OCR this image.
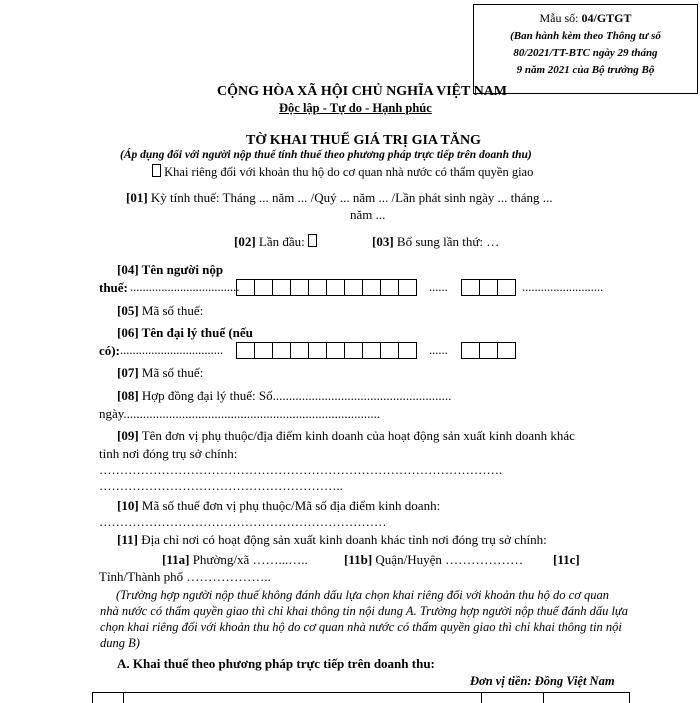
Mẫu số: 04/GTGT
(Ban hành kèm theo Thông tư số
80/2021/TT-BTC ngày 29 tháng
9 năm 2021 của Bộ trưởng Bộ
CỘNG HÒA XÃ HỘI CHỦ NGHĨA VIỆT NAM
Độc lập - Tự do - Hạnh phúc
TỜ KHAI THUẾ GIÁ TRỊ GIA TĂNG
(Áp dụng đối với người nộp thuế tính thuế theo phương pháp trực tiếp trên doanh thu)
Khai riêng đối với khoản thu hộ do cơ quan nhà nước có thẩm quyền giao
[01] Kỳ tính thuế: Tháng ... năm ... /Quý ... năm ... /Lần phát sinh ngày ... tháng ...
năm ...
[02] Lần đầu:	[03] Bổ sung lần thứ: …
[04] Tên người nộp
thuế: ...................................	......	..........................
[05] Mã số thuế:
[06] Tên đại lý thuế (nếu
có): .................................	......
[07] Mã số thuế:
[08] Hợp đồng đại lý thuế: Số.......................................................
ngày...............................................................................
[09] Tên đơn vị phụ thuộc/địa điểm kinh doanh của hoạt động sản xuất kinh doanh khác
tỉnh nơi đóng trụ sở chính:
…………………………………………………………………………………….
…………………………………………………..
[10] Mã số thuế đơn vị phụ thuộc/Mã số địa điểm kinh doanh:
……………………………………………………………
[11] Địa chỉ nơi có hoạt động sản xuất kinh doanh khác tỉnh nơi đóng trụ sở chính:
[11a] Phường/xã ……...…..	[11b] Quận/Huyện ……………… [11c]
Tỉnh/Thành phố ………………..
(Trường hợp người nộp thuế không đánh dấu lựa chọn khai riêng đối với khoản thu hộ do cơ quan nhà nước có thẩm quyền giao thì chỉ khai thông tin nội dung A. Trường hợp người nộp thuế đánh dấu lựa chọn khai riêng đối với khoản thu hộ do cơ quan nhà nước có thẩm quyền giao thì chỉ khai thông tin nội dung B)
A. Khai thuế theo phương pháp trực tiếp trên doanh thu:
Đơn vị tiền: Đồng Việt Nam
